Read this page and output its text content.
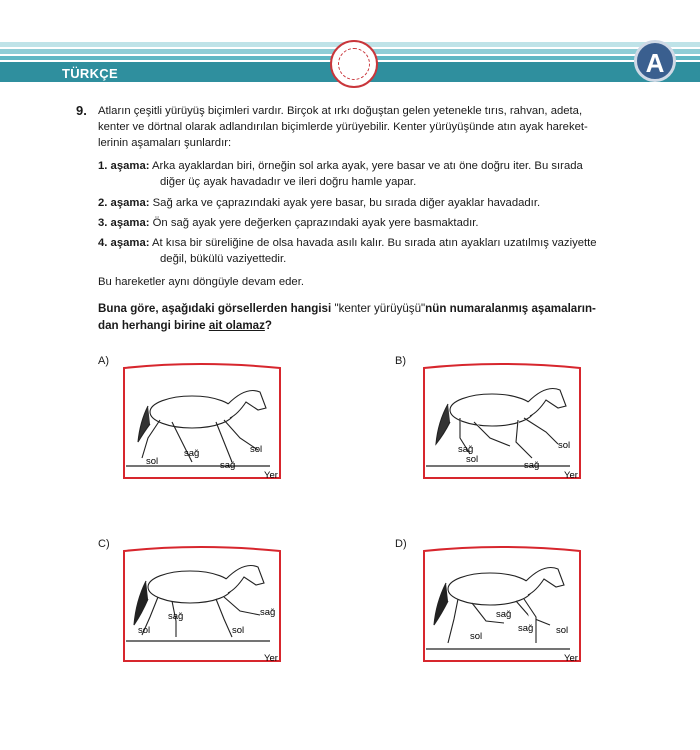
TÜRKÇE	A
9. Atların çeşitli yürüyüş biçimleri vardır. Birçok at ırkı doğuştan gelen yetenekle tırıs, rahvan, adeta,
kenter ve dörtnal olarak adlandırılan biçimlerde yürüyebilir. Kenter yürüyüşünde atın ayak hareket-
lerinin aşamaları şunlardır:
1. aşama: Arka ayaklardan biri, örneğin sol arka ayak, yere basar ve atı öne doğru iter. Bu sırada
diğer üç ayak havadadır ve ileri doğru hamle yapar.
2. aşama: Sağ arka ve çaprazındaki ayak yere basar, bu sırada diğer ayaklar havadadır.
3. aşama: Ön sağ ayak yere değerken çaprazındaki ayak yere basmaktadır.
4. aşama: At kısa bir süreliğine de olsa havada asılı kalır. Bu sırada atın ayakları uzatılmış vaziyette
değil, bükülü vaziyettedir.
Bu hareketler aynı döngüyle devam eder.
Buna göre, aşağıdaki görsellerden hangisi "kenter yürüyüşü"nün numaralanmış aşamaların-
dan herhangi birine ait olamaz?
A)
sol
sağ
sağ
sol
Yer
B)
sağ
sol
sol
sağ
Yer
C)
sağ
sol	sol
sağ
Yer
D)
sağ
sağ
sol
sol
Yer
